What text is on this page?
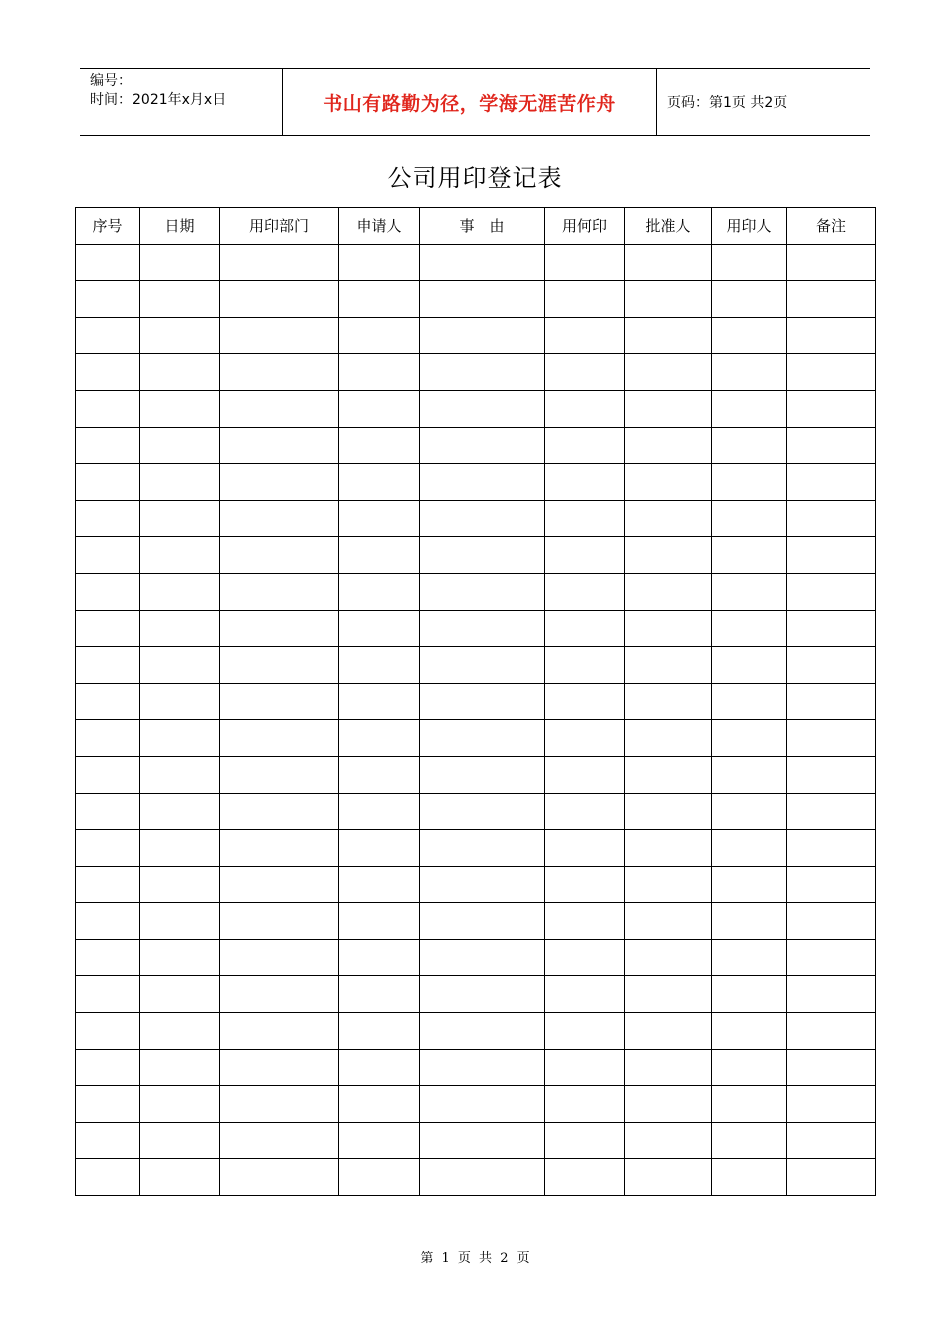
编号：
时间：2021年x月x日	书山有路勤为径，学海无涯苦作舟	页码：第1页 共2页
公司用印登记表
序号	日期	用印部门	申请人	事　由	用何印	批准人	用印人	备注

第 1 页 共 2 页
